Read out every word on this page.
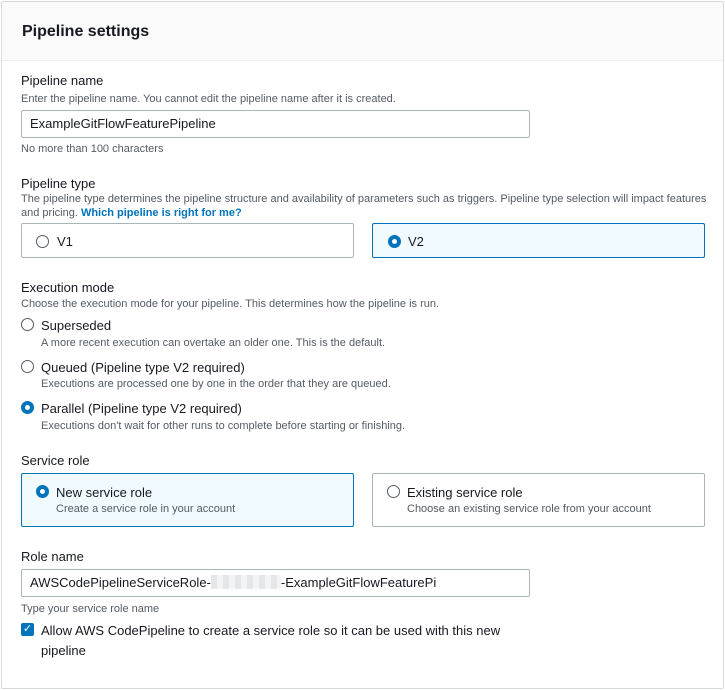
Pipeline settings
Pipeline name
Enter the pipeline name. You cannot edit the pipeline name after it is created.
ExampleGitFlowFeaturePipeline
No more than 100 characters
Pipeline type
The pipeline type determines the pipeline structure and availability of parameters such as triggers. Pipeline type selection will impact features and pricing. Which pipeline is right for me?
V1	V2
Execution mode
Choose the execution mode for your pipeline. This determines how the pipeline is run.
Superseded
A more recent execution can overtake an older one. This is the default.
Queued (Pipeline type V2 required)
Executions are processed one by one in the order that they are queued.
Parallel (Pipeline type V2 required)
Executions don't wait for other runs to complete before starting or finishing.
Service role
New service role
Create a service role in your account
Existing service role
Choose an existing service role from your account
Role name
AWSCodePipelineServiceRole-	-ExampleGitFlowFeaturePi
Type your service role name
✓ Allow AWS CodePipeline to create a service role so it can be used with this new pipeline
